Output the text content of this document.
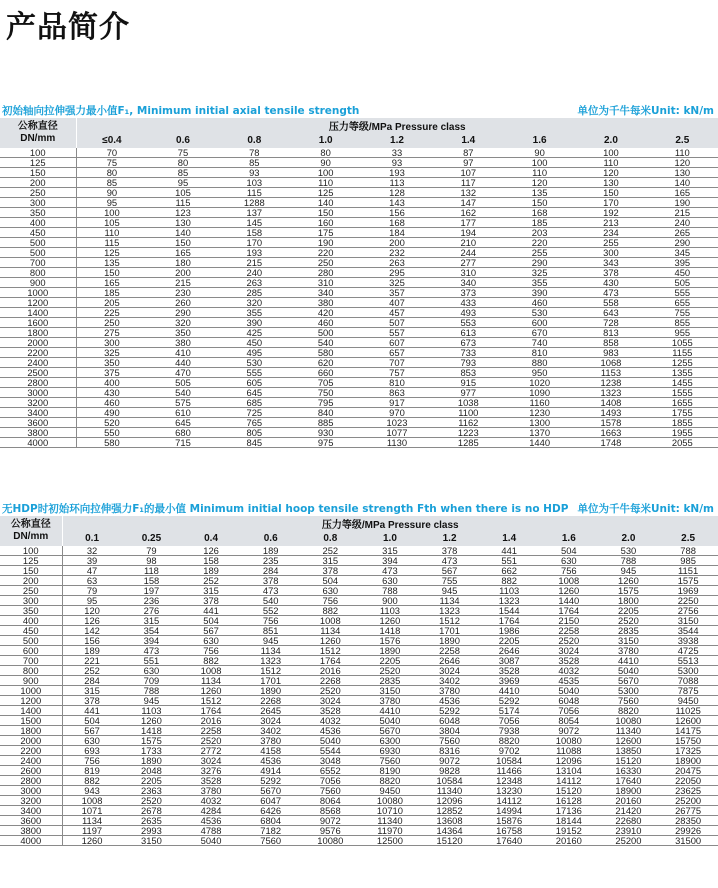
产品简介
初始轴向拉伸强力最小值F₁, Minimum initial axial tensile strength	单位为千牛每米Unit: kN/m
公称直径
DN/mm	压力等级/MPa Pressure class								
	≤0.4	0.6	0.8	1.0	1.2	1.4	1.6	2.0	2.5
100	70	75	78	80	33	87	90	100	110
125	75	80	85	90	93	97	100	110	120
150	80	85	93	100	193	107	110	120	130
200	85	95	103	110	113	117	120	130	140
250	90	105	115	125	128	132	135	150	165
300	95	115	1288	140	143	147	150	170	190
350	100	123	137	150	156	162	168	192	215
400	105	130	145	160	168	177	185	213	240
450	110	140	158	175	184	194	203	234	265
500	115	150	170	190	200	210	220	255	290
500	125	165	193	220	232	244	255	300	345
700	135	180	215	250	263	277	290	343	395
800	150	200	240	280	295	310	325	378	450
900	165	215	263	310	325	340	355	430	505
1000	185	230	285	340	357	373	390	473	555
1200	205	260	320	380	407	433	460	558	655
1400	225	290	355	420	457	493	530	643	755
1600	250	320	390	460	507	553	600	728	855
1800	275	350	425	500	557	613	670	813	955
2000	300	380	450	540	607	673	740	858	1055
2200	325	410	495	580	657	733	810	983	1155
2400	350	440	530	620	707	793	880	1068	1255
2500	375	470	555	660	757	853	950	1153	1355
2800	400	505	605	705	810	915	1020	1238	1455
3000	430	540	645	750	863	977	1090	1323	1555
3200	460	575	685	795	917	1038	1160	1408	1655
3400	490	610	725	840	970	1100	1230	1493	1755
3600	520	645	765	885	1023	1162	1300	1578	1855
3800	550	680	805	930	1077	1223	1370	1663	1955
4000	580	715	845	975	1130	1285	1440	1748	2055
无HDP时初始环向拉伸强力F₁的最小值 Minimum initial hoop tensile strength Fth when there is no HDP 单位为千牛每米Unit: kN/m
公称直径
DN/mm	压力等级/MPa Pressure class										
	0.1	0.25	0.4	0.6	0.8	1.0	1.2	1.4	1.6	2.0	2.5
100	32	79	126	189	252	315	378	441	504	530	788
125	39	98	158	235	315	394	473	551	630	788	985
150	47	118	189	284	378	473	567	662	756	945	1151
200	63	158	252	378	504	630	755	882	1008	1260	1575
250	79	197	315	473	630	788	945	1103	1260	1575	1969
300	95	236	378	540	756	900	1134	1323	1440	1800	2250
350	120	276	441	552	882	1103	1323	1544	1764	2205	2756
400	126	315	504	756	1008	1260	1512	1764	2150	2520	3150
450	142	354	567	851	1134	1418	1701	1986	2258	2835	3544
500	156	394	630	945	1260	1576	1890	2205	2520	3150	3938
600	189	473	756	1134	1512	1890	2258	2646	3024	3780	4725
700	221	551	882	1323	1764	2205	2646	3087	3528	4410	5513
800	252	630	1008	1512	2016	2520	3024	3528	4032	5040	5300
900	284	709	1134	1701	2268	2835	3402	3969	4535	5670	7088
1000	315	788	1260	1890	2520	3150	3780	4410	5040	5300	7875
1200	378	945	1512	2268	3024	3780	4536	5292	6048	7560	9450
1400	441	1103	1764	2645	3528	4410	5292	5174	7056	8820	11025
1500	504	1260	2016	3024	4032	5040	6048	7056	8054	10080	12600
1800	567	1418	2258	3402	4536	5670	3804	7938	9072	11340	14175
2000	630	1575	2520	3780	5040	6300	7560	8820	10080	12600	15750
2200	693	1733	2772	4158	5544	6930	8316	9702	11088	13850	17325
2400	756	1890	3024	4536	3048	7560	9072	10584	12096	15120	18900
2600	819	2048	3276	4914	6552	8190	9828	11466	13104	16330	20475
2800	882	2205	3528	5292	7056	8820	10584	12348	14112	17640	22050
3000	943	2363	3780	5670	7560	9450	11340	13230	15120	18900	23625
3200	1008	2520	4032	6047	8064	10080	12096	14112	16128	20160	25200
3400	1071	2678	4284	6426	8568	10710	12852	14994	17136	21420	26775
3600	1134	2635	4536	6804	9072	11340	13608	15876	18144	22680	28350
3800	1197	2993	4788	7182	9576	11970	14364	16758	19152	23910	29926
4000	1260	3150	5040	7560	10080	12500	15120	17640	20160	25200	31500
